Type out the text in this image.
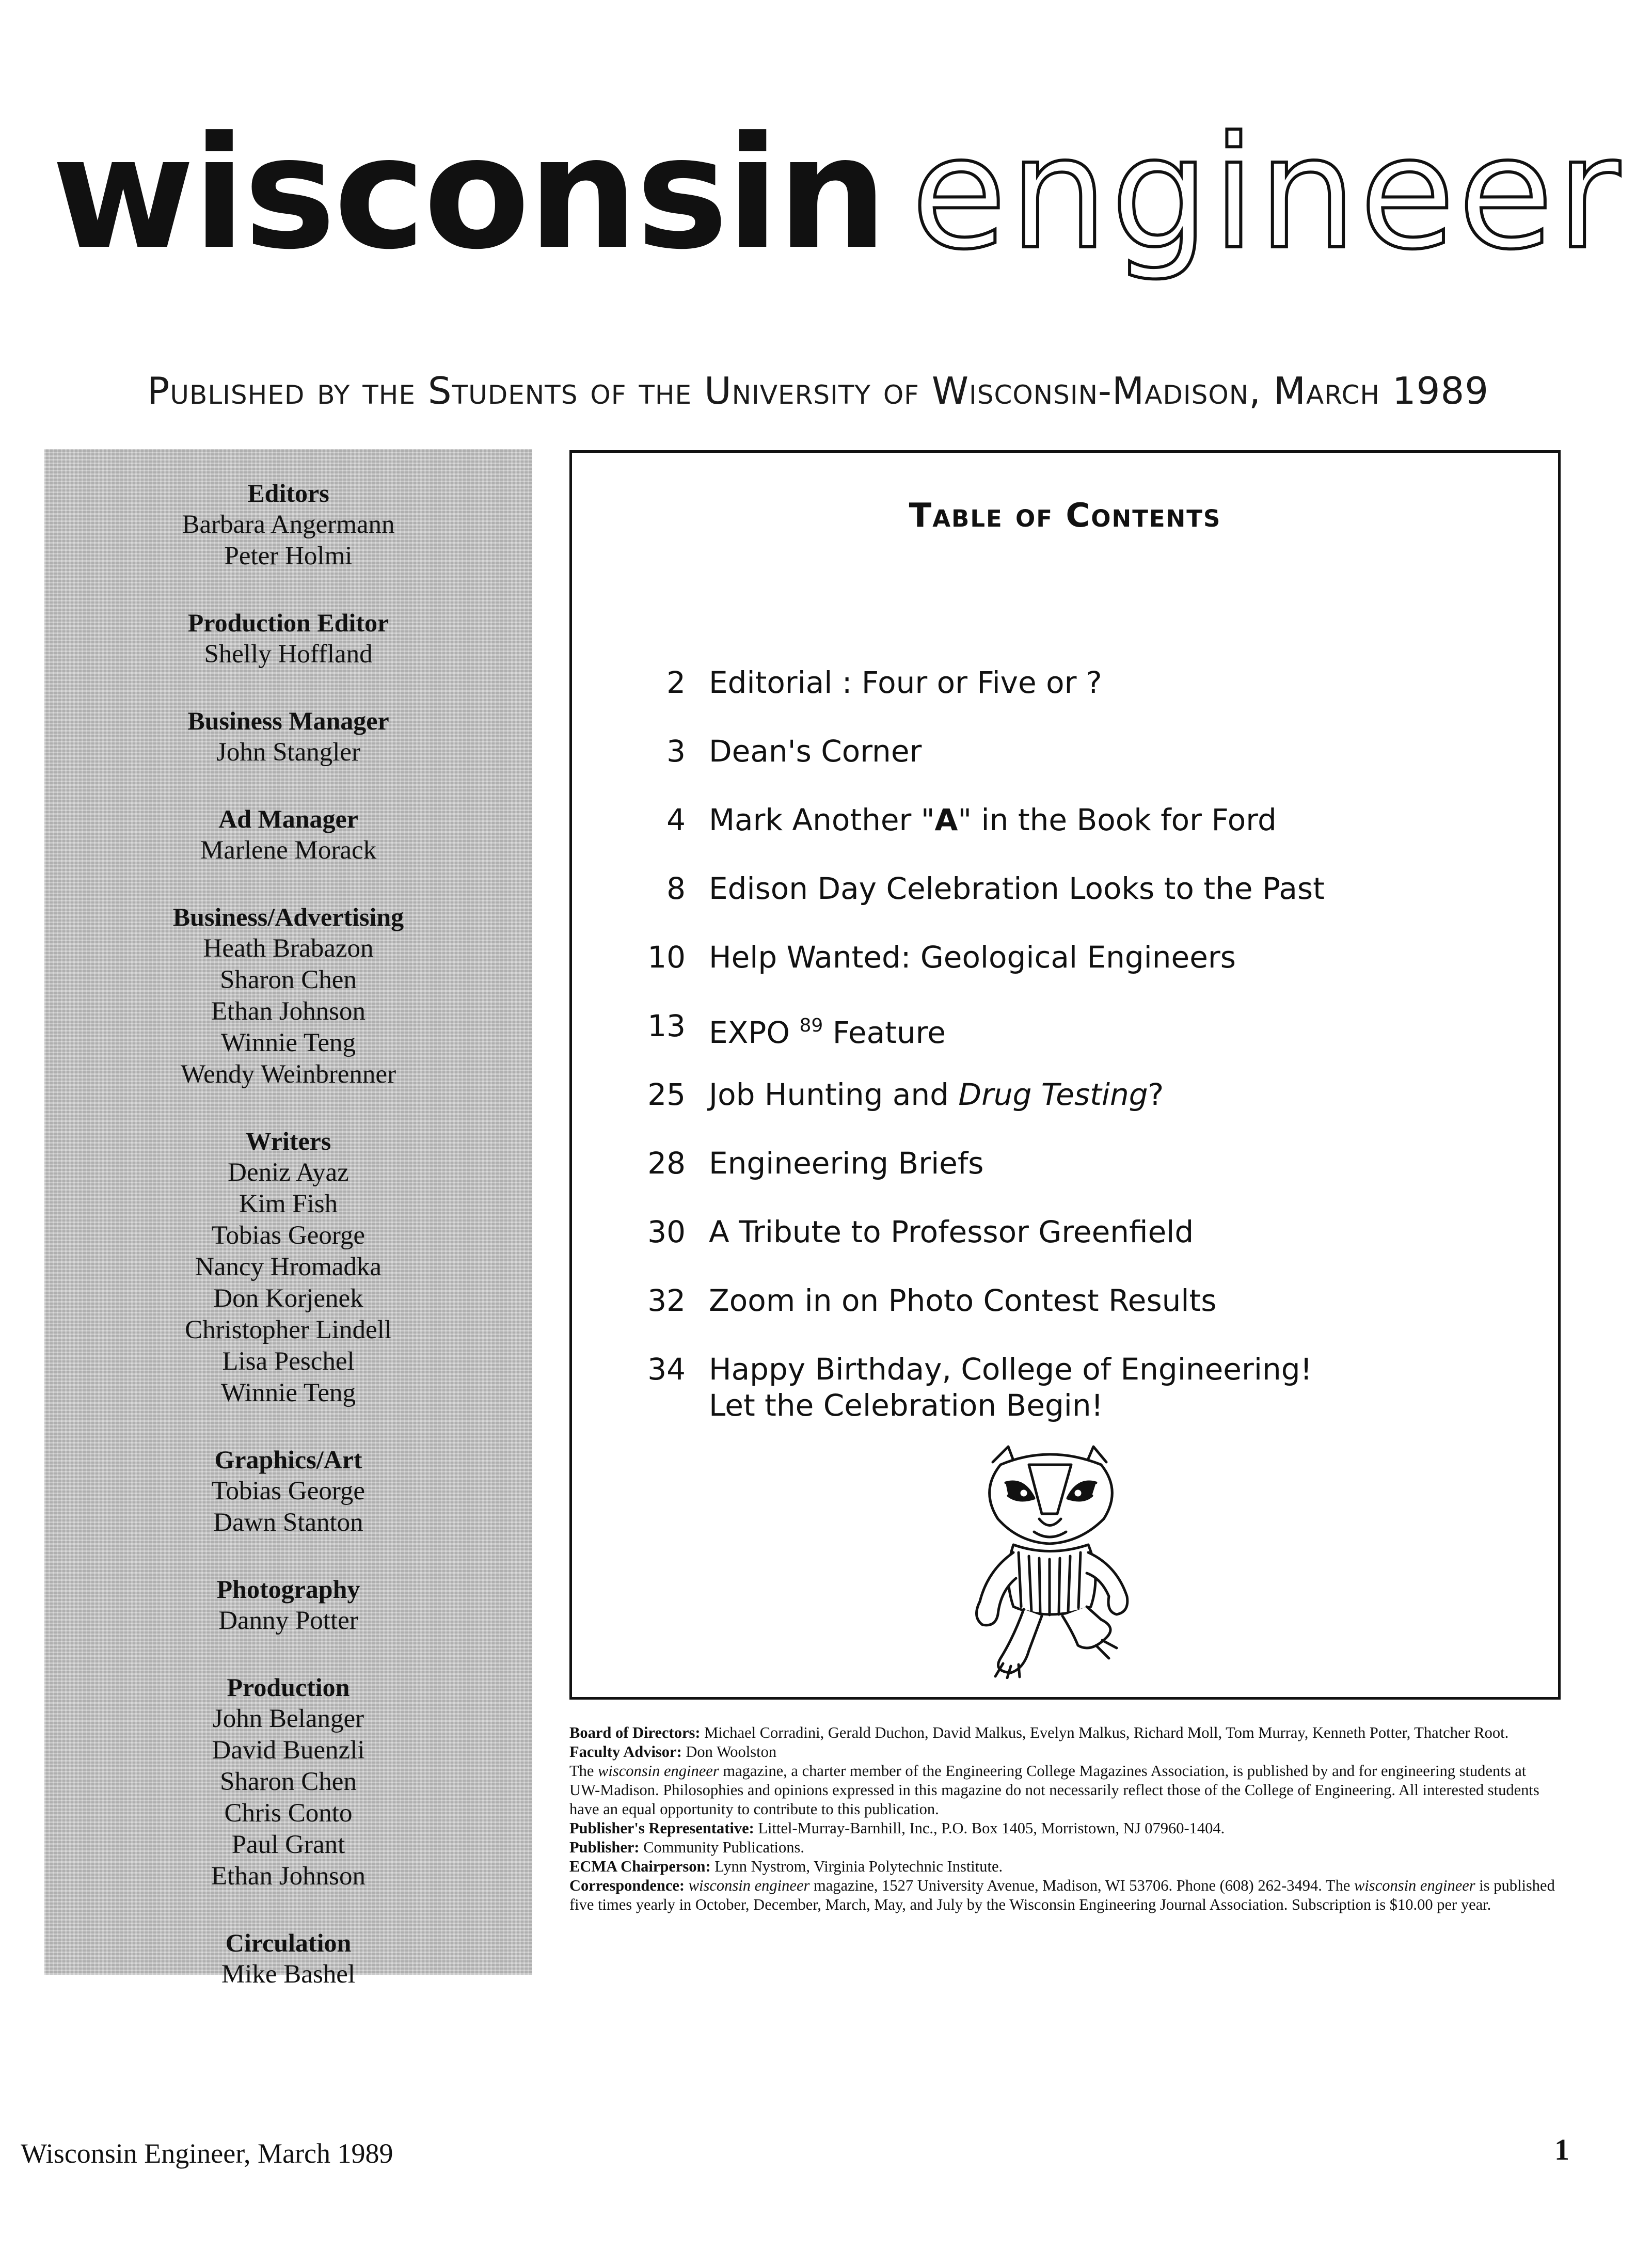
wisconsin engineer
Published by the Students of the University of Wisconsin-Madison, March 1989
Editors
Barbara Angermann
Peter Holmi
Production Editor
Shelly Hoffland
Business Manager
John Stangler
Ad Manager
Marlene Morack
Business/Advertising
Heath Brabazon
Sharon Chen
Ethan Johnson
Winnie Teng
Wendy Weinbrenner
Writers
Deniz Ayaz
Kim Fish
Tobias George
Nancy Hromadka
Don Korjenek
Christopher Lindell
Lisa Peschel
Winnie Teng
Graphics/Art
Tobias George
Dawn Stanton
Photography
Danny Potter
Production
John Belanger
David Buenzli
Sharon Chen
Chris Conto
Paul Grant
Ethan Johnson
Circulation
Mike Bashel
Table of Contents
2 Editorial : Four or Five or ?
3 Dean's Corner
4 Mark Another "A" in the Book for Ford
8 Edison Day Celebration Looks to the Past
10 Help Wanted: Geological Engineers
13 EXPO $^{89}$ Feature
25 Job Hunting and Drug Testing?
28 Engineering Briefs
30 A Tribute to Professor Greenfield
32 Zoom in on Photo Contest Results
34 Happy Birthday, College of Engineering!
Let the Celebration Begin!

Board of Directors: Michael Corradini, Gerald Duchon, David Malkus, Evelyn Malkus, Richard Moll, Tom Murray, Kenneth Potter, Thatcher Root.

Faculty Advisor: Don Woolston

The wisconsin engineer magazine, a charter member of the Engineering College Magazines Association, is published by and for engineering students at UW-Madison. Philosophies and opinions expressed in this magazine do not necessarily reflect those of the College of Engineering. All interested students have an equal opportunity to contribute to this publication.

Publisher's Representative: Littel-Murray-Barnhill, Inc., P.O. Box 1405, Morristown, NJ 07960-1404.

Publisher: Community Publications.

ECMA Chairperson: Lynn Nystrom, Virginia Polytechnic Institute.

Correspondence: wisconsin engineer magazine, 1527 University Avenue, Madison, WI 53706. Phone (608) 262-3494. The wisconsin engineer is published five times yearly in October, December, March, May, and July by the Wisconsin Engineering Journal Association. Subscription is $10.00 per year.

Wisconsin Engineer, March 1989	1
